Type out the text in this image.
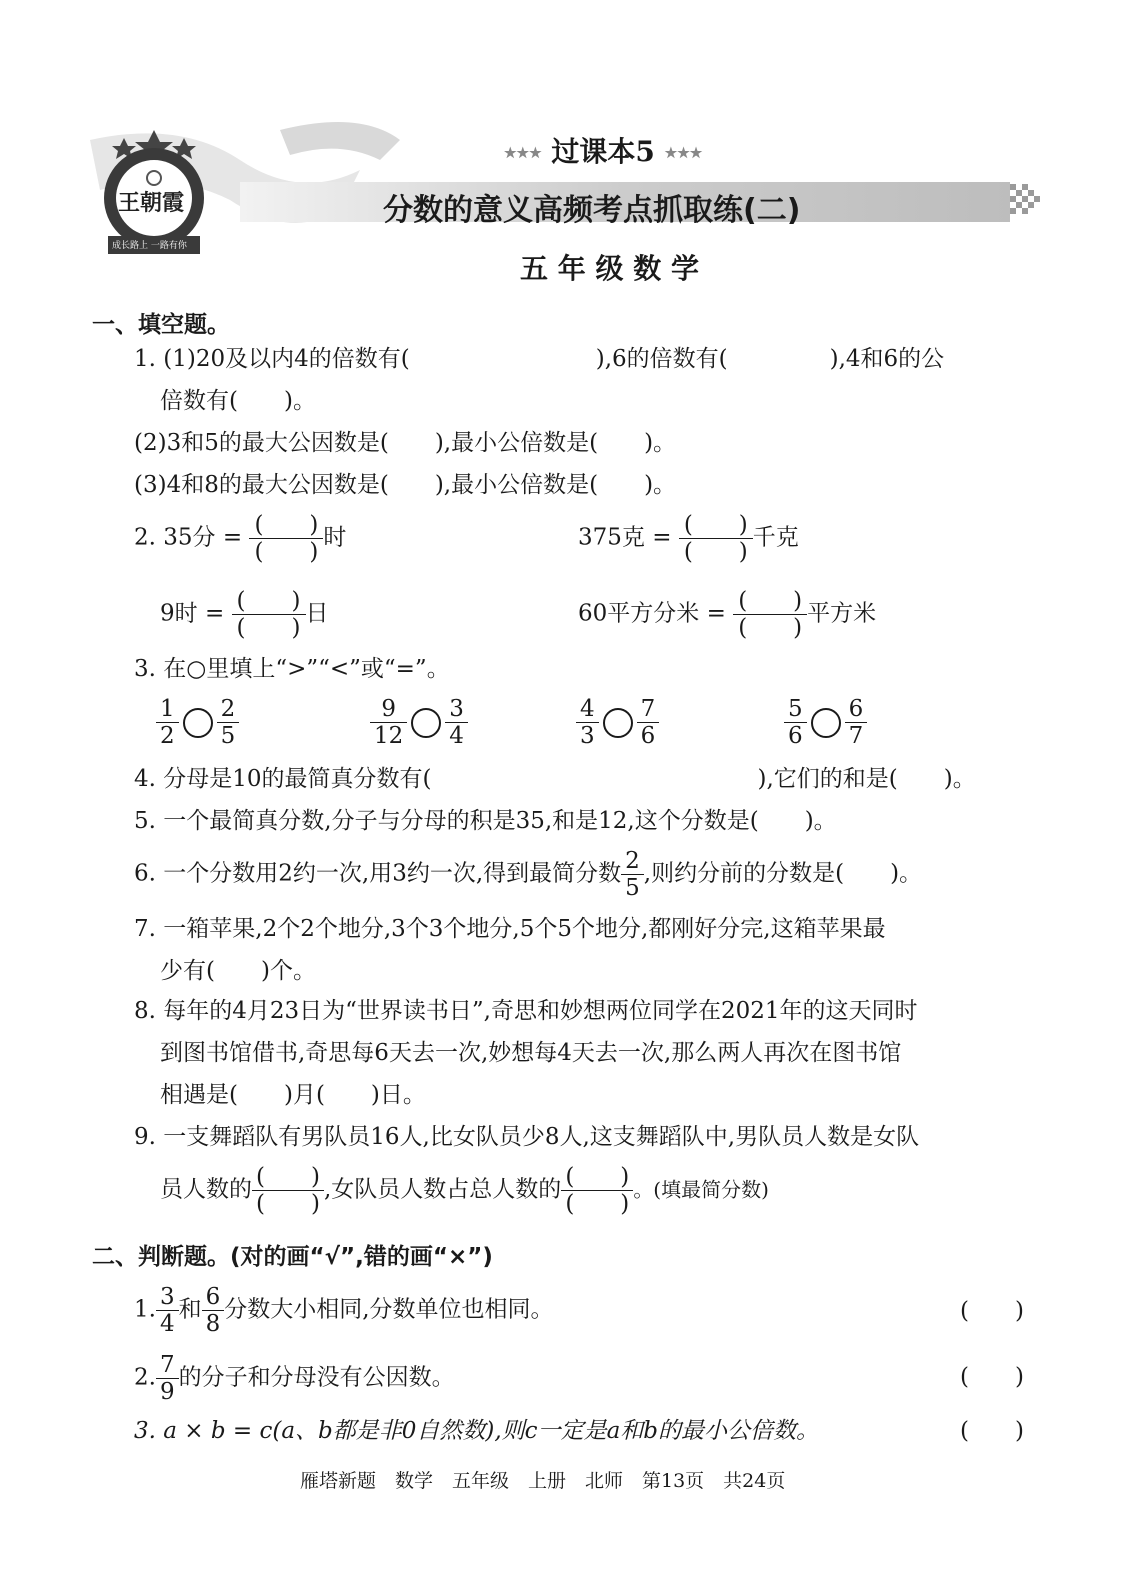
王朝霞
成长路上 一路有你
★★★ 过课本5 ★★★
分数的意义高频考点抓取练(二)
五 年 级 数 学
一、填空题。
1. (1)20及以内4的倍数有(	),6的倍数有(	),4和6的公
倍数有(　　)。
(2)3和5的最大公因数是(　　),最小公倍数是(　　)。
(3)4和8的最大公因数是(　　),最小公倍数是(　　)。
2. 35分 = $\frac{( )}{( )}$ 时	375克 = $\frac{( )}{( )}$ 千克
9时 = $\frac{( )}{( )}$ 日	60平方分米 = $\frac{( )}{( )}$ 平方米
3. 在○里填上“>”“<”或“=”。
$\frac{1}{2} \frac{2}{5}$	$\frac{9}{12} \frac{3}{4}$	$\frac{4}{3} \frac{7}{6}$	$\frac{5}{6} \frac{6}{7}$
4. 分母是10的最简真分数有(	),它们的和是(　　)。
5. 一个最简真分数,分子与分母的积是35,和是12,这个分数是(　　)。
6. 一个分数用2约一次,用3约一次,得到最简分数 $\frac{2}{5}$ ,则约分前的分数是(　　)。
7. 一箱苹果,2个2个地分,3个3个地分,5个5个地分,都刚好分完,这箱苹果最
少有(　　)个。
8. 每年的4月23日为“世界读书日”,奇思和妙想两位同学在2021年的这天同时
到图书馆借书,奇思每6天去一次,妙想每4天去一次,那么两人再次在图书馆
相遇是(　　)月(　　)日。
9. 一支舞蹈队有男队员16人,比女队员少8人,这支舞蹈队中,男队员人数是女队
员人数的 $\frac{( )}{( )}$ ,女队员人数占总人数的 $\frac{( )}{( )}$ 。(填最简分数)
二、判断题。(对的画“√”,错的画“×”)
1. $\frac{3}{4}$ 和 $\frac{6}{8}$ 分数大小相同,分数单位也相同。	(　　)
2. $\frac{7}{9}$ 的分子和分母没有公因数。	(　　)
3. a × b = c(a、b都是非0自然数),则c一定是a和b的最小公倍数。	(　　)
雁塔新题　数学　五年级　上册　北师　第13页　共24页
